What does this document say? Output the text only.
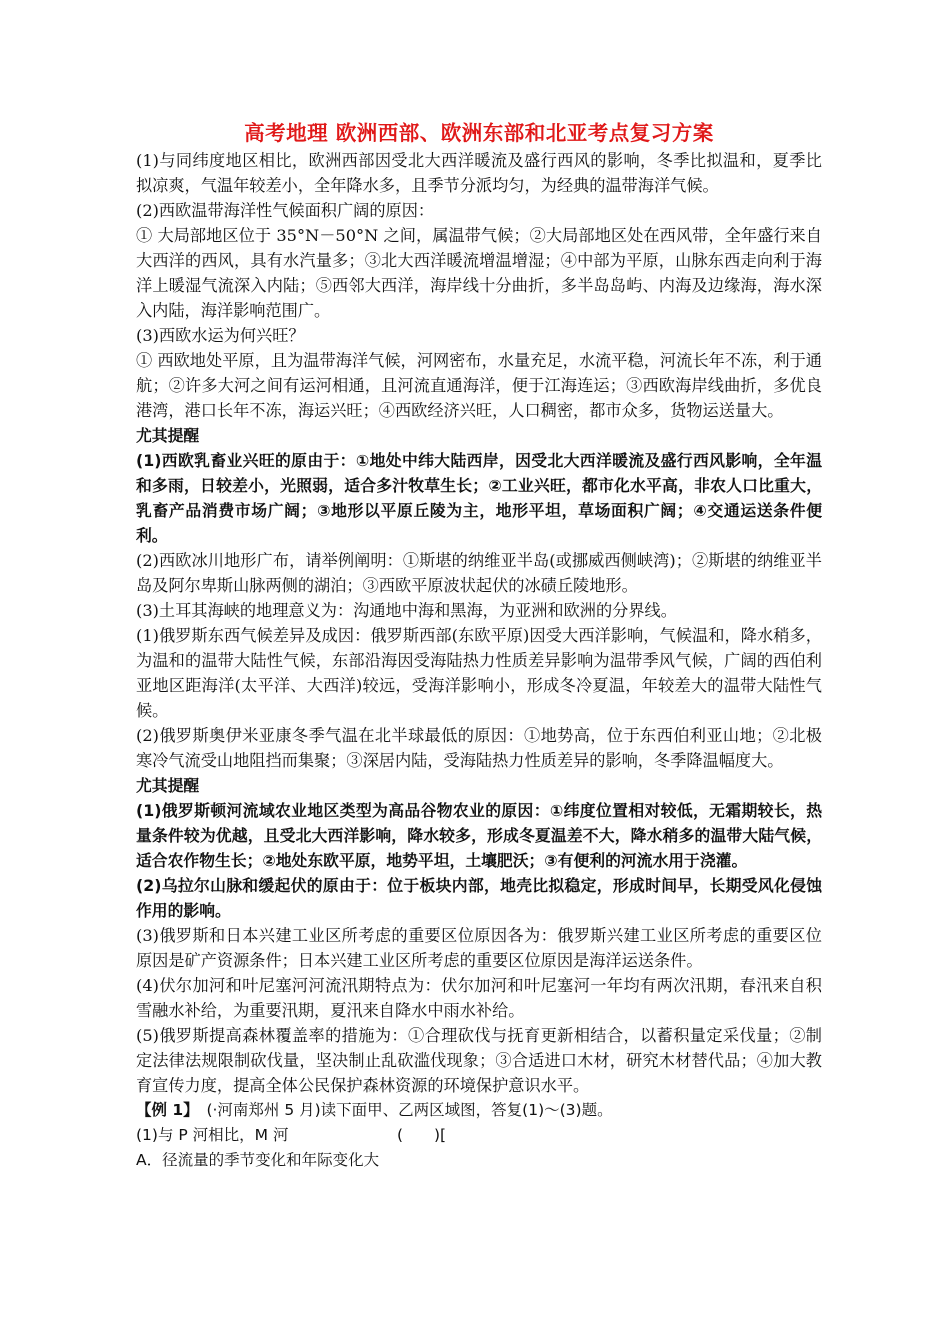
高考地理 欧洲西部、欧洲东部和北亚考点复习方案

(1)与同纬度地区相比，欧洲西部因受北大西洋暖流及盛行西风的影响，冬季比拟温和，夏季比拟凉爽，气温年较差小，全年降水多，且季节分派均匀，为经典的温带海洋气候。

(2)西欧温带海洋性气候面积广阔的原因：

① 大局部地区位于 35°N－50°N 之间，属温带气候；②大局部地区处在西风带，全年盛行来自大西洋的西风，具有水汽量多；③北大西洋暖流增温增湿；④中部为平原，山脉东西走向利于海洋上暖湿气流深入内陆；⑤西邻大西洋，海岸线十分曲折，多半岛岛屿、内海及边缘海，海水深入内陆，海洋影响范围广。

(3)西欧水运为何兴旺？

① 西欧地处平原，且为温带海洋气候，河网密布，水量充足，水流平稳，河流长年不冻，利于通航；②许多大河之间有运河相通，且河流直通海洋，便于江海连运；③西欧海岸线曲折，多优良港湾，港口长年不冻，海运兴旺；④西欧经济兴旺，人口稠密，都市众多，货物运送量大。

尤其提醒

(1)西欧乳畜业兴旺的原由于：①地处中纬大陆西岸，因受北大西洋暖流及盛行西风影响，全年温和多雨，日较差小，光照弱，适合多汁牧草生长；②工业兴旺，都市化水平高，非农人口比重大，乳畜产品消费市场广阔；③地形以平原丘陵为主，地形平坦，草场面积广阔；④交通运送条件便利。

(2)西欧冰川地形广布，请举例阐明：①斯堪的纳维亚半岛(或挪威西侧峡湾)；②斯堪的纳维亚半岛及阿尔卑斯山脉两侧的湖泊；③西欧平原波状起伏的冰碛丘陵地形。

(3)土耳其海峡的地理意义为：沟通地中海和黑海，为亚洲和欧洲的分界线。

(1)俄罗斯东西气候差异及成因：俄罗斯西部(东欧平原)因受大西洋影响，气候温和，降水稍多，为温和的温带大陆性气候，东部沿海因受海陆热力性质差异影响为温带季风气候，广阔的西伯利亚地区距海洋(太平洋、大西洋)较远，受海洋影响小，形成冬冷夏温，年较差大的温带大陆性气候。

(2)俄罗斯奥伊米亚康冬季气温在北半球最低的原因：①地势高，位于东西伯利亚山地；②北极寒冷气流受山地阻挡而集聚；③深居内陆，受海陆热力性质差异的影响，冬季降温幅度大。

尤其提醒

(1)俄罗斯顿河流域农业地区类型为高品谷物农业的原因：①纬度位置相对较低，无霜期较长，热量条件较为优越，且受北大西洋影响，降水较多，形成冬夏温差不大，降水稍多的温带大陆气候，适合农作物生长；②地处东欧平原，地势平坦，土壤肥沃；③有便利的河流水用于浇灌。

(2)乌拉尔山脉和缓起伏的原由于：位于板块内部，地壳比拟稳定，形成时间早，长期受风化侵蚀作用的影响。

(3)俄罗斯和日本兴建工业区所考虑的重要区位原因各为：俄罗斯兴建工业区所考虑的重要区位原因是矿产资源条件；日本兴建工业区所考虑的重要区位原因是海洋运送条件。

(4)伏尔加河和叶尼塞河河流汛期特点为：伏尔加河和叶尼塞河一年均有两次汛期，春汛来自积雪融水补给，为重要汛期，夏汛来自降水中雨水补给。

(5)俄罗斯提高森林覆盖率的措施为：①合理砍伐与抚育更新相结合，以蓄积量定采伐量；②制定法律法规限制砍伐量，坚决制止乱砍滥伐现象；③合适进口木材，研究木材替代品；④加大教育宣传力度，提高全体公民保护森林资源的环境保护意识水平。

【例 1】　(·河南郑州 5 月)读下面甲、乙两区域图，答复(1)～(3)题。

(1)与 P 河相比，M 河　　　　　　　(　　)[

A．径流量的季节变化和年际变化大
